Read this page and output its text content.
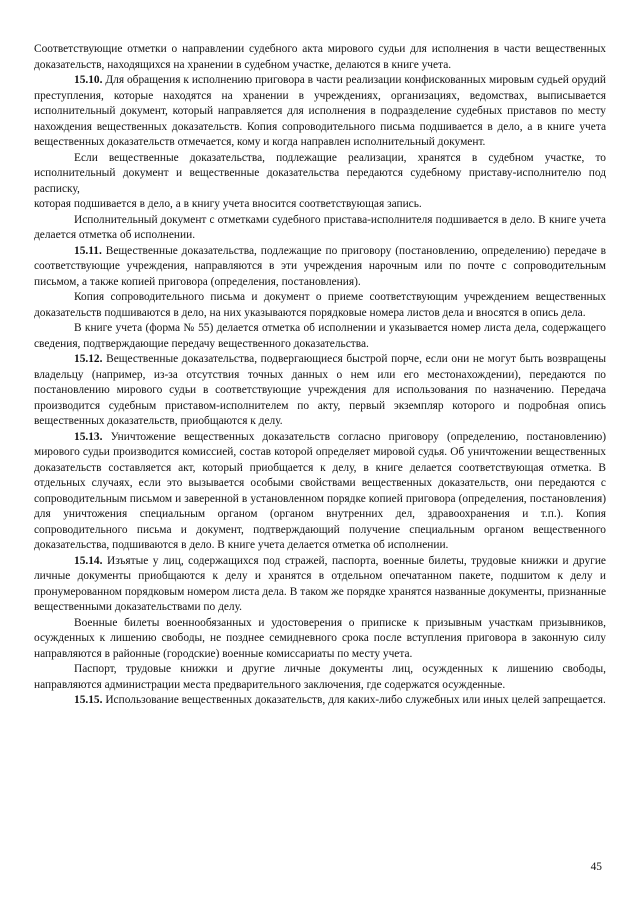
Соответствующие отметки о направлении судебного акта мирового судьи для исполнения в части вещественных доказательств, находящихся на хранении в судебном участке, делаются в книге учета.

15.10. Для обращения к исполнению приговора в части реализации конфискованных мировым судьей орудий преступления, которые находятся на хранении в учреждениях, организациях, ведомствах, выписывается исполнительный документ, который направляется для исполнения в подразделение судебных приставов по месту нахождения вещественных доказательств. Копия сопроводительного письма подшивается в дело, а в книге учета вещественных доказательств отмечается, кому и когда направлен исполнительный документ.

Если вещественные доказательства, подлежащие реализации, хранятся в судебном участке, то исполнительный документ и вещественные доказательства передаются судебному приставу-исполнителю под расписку,

которая подшивается в дело, а в книгу учета вносится соответствующая запись.

Исполнительный документ с отметками судебного пристава-исполнителя подшивается в дело. В книге учета делается отметка об исполнении.

15.11. Вещественные доказательства, подлежащие по приговору (постановлению, определению) передаче в соответствующие учреждения, направляются в эти учреждения нарочным или по почте с сопроводительным письмом, а также копией приговора (определения, постановления).

Копия сопроводительного письма и документ о приеме соответствующим учреждением вещественных доказательств подшиваются в дело, на них указываются порядковые номера листов дела и вносятся в опись дела.

В книге учета (форма № 55) делается отметка об исполнении и указывается номер листа дела, содержащего сведения, подтверждающие передачу вещественного доказательства.

15.12. Вещественные доказательства, подвергающиеся быстрой порче, если они не могут быть возвращены владельцу (например, из-за отсутствия точных данных о нем или его местонахождении), передаются по постановлению мирового судьи в соответствующие учреждения для использования по назначению. Передача производится судебным приставом-исполнителем по акту, первый экземпляр которого и подробная опись вещественных доказательств, приобщаются к делу.

15.13. Уничтожение вещественных доказательств согласно приговору (определению, постановлению) мирового судьи производится комиссией, состав которой определяет мировой судья. Об уничтожении вещественных доказательств составляется акт, который приобщается к делу, в книге делается соответствующая отметка. В отдельных случаях, если это вызывается особыми свойствами вещественных доказательств, они передаются с сопроводительным письмом и заверенной в установленном порядке копией приговора (определения, постановления) для уничтожения специальным органом (органом внутренних дел, здравоохранения и т.п.). Копия сопроводительного письма и документ, подтверждающий получение специальным органом вещественного доказательства, подшиваются в дело. В книге учета делается отметка об исполнении.

15.14. Изъятые у лиц, содержащихся под стражей, паспорта, военные билеты, трудовые книжки и другие личные документы приобщаются к делу и хранятся в отдельном опечатанном пакете, подшитом к делу и пронумерованном порядковым номером листа дела. В таком же порядке хранятся названные документы, признанные вещественными доказательствами по делу.

Военные билеты военнообязанных и удостоверения о приписке к призывным участкам призывников, осужденных к лишению свободы, не позднее семидневного срока после вступления приговора в законную силу направляются в районные (городские) военные комиссариаты по месту учета.

Паспорт, трудовые книжки и другие личные документы лиц, осужденных к лишению свободы, направляются администрации места предварительного заключения, где содержатся осужденные.

15.15. Использование вещественных доказательств, для каких-либо служебных или иных целей запрещается.

45
